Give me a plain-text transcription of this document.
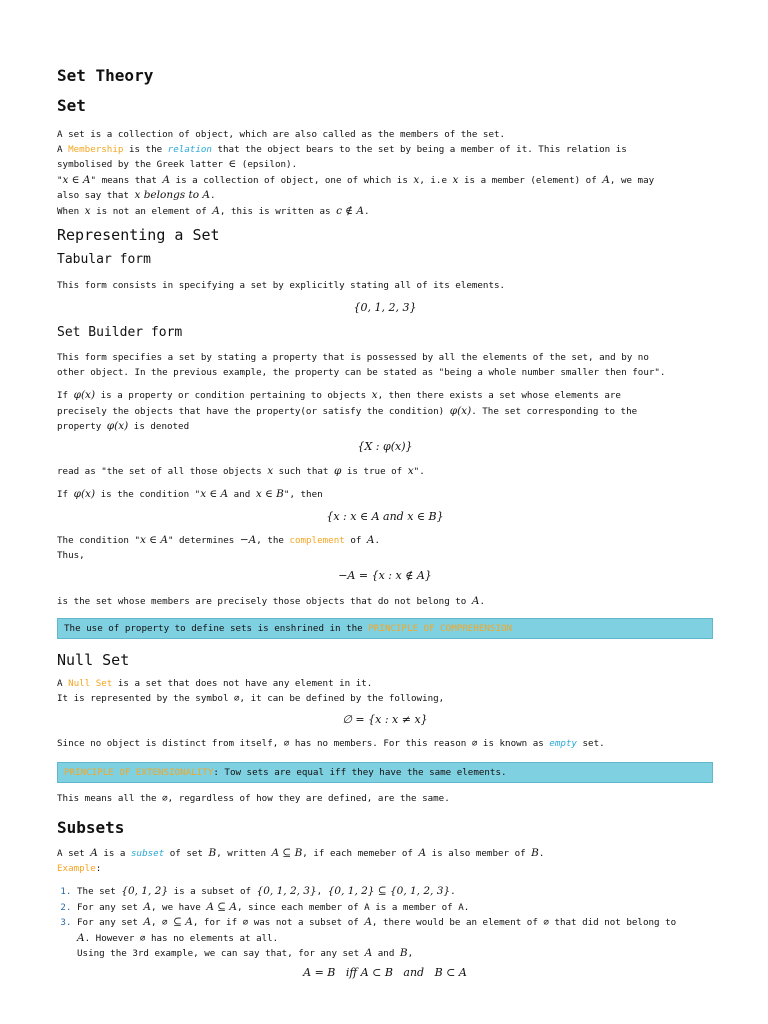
Set Theory
Set
A set is a collection of object, which are also called as the members of the set.
A Membership is the relation that the object bears to the set by being a member of it. This relation is
symbolised by the Greek latter ∈ (epsilon).
"x ∈ A" means that A is a collection of object, one of which is x, i.e x is a member (element) of A, we may
also say that x belongs to A.
When x is not an element of A, this is written as c ∉ A.
Representing a Set
Tabular form
This form consists in specifying a set by explicitly stating all of its elements.
{0, 1, 2, 3}
Set Builder form
This form specifies a set by stating a property that is possessed by all the elements of the set, and by no
other object. In the previous example, the property can be stated as "being a whole number smaller then four".
If φ(x) is a property or condition pertaining to objects x, then there exists a set whose elements are
precisely the objects that have the property(or satisfy the condition) φ(x). The set corresponding to the
property φ(x) is denoted
{X : φ(x)}
read as "the set of all those objects x such that φ is true of x".
If φ(x) is the condition "x ∈ A and x ∈ B", then
{x : x ∈ A and x ∈ B}
The condition "x ∈ A" determines −A, the complement of A.
Thus,
−A = {x : x ∉ A}
is the set whose members are precisely those objects that do not belong to A.
The use of property to define sets is enshrined in the PRINCIPLE OF COMPREHENSION
Null Set
A Null Set is a set that does not have any element in it.
It is represented by the symbol ∅, it can be defined by the following,
∅ = {x : x ≠ x}
Since no object is distinct from itself, ∅ has no members. For this reason ∅ is known as empty set.
PRINCIPLE OF EXTENSIONALITY: Tow sets are equal iff they have the same elements.
This means all the ∅, regardless of how they are defined, are the same.
Subsets
A set A is a subset of set B, written A ⊆ B, if each memeber of A is also member of B.
Example:
1. The set {0, 1, 2} is a subset of {0, 1, 2, 3}, {0, 1, 2} ⊆ {0, 1, 2, 3}.
2. For any set A, we have A ⊆ A, since each member of A is a member of A.
3. For any set A, ∅ ⊆ A, for if ∅ was not a subset of A, there would be an element of ∅ that did not belong to
A. However ∅ has no elements at all.
Using the 3rd example, we can say that, for any set A and B,
A = B   iff A ⊂ B   and   B ⊂ A
